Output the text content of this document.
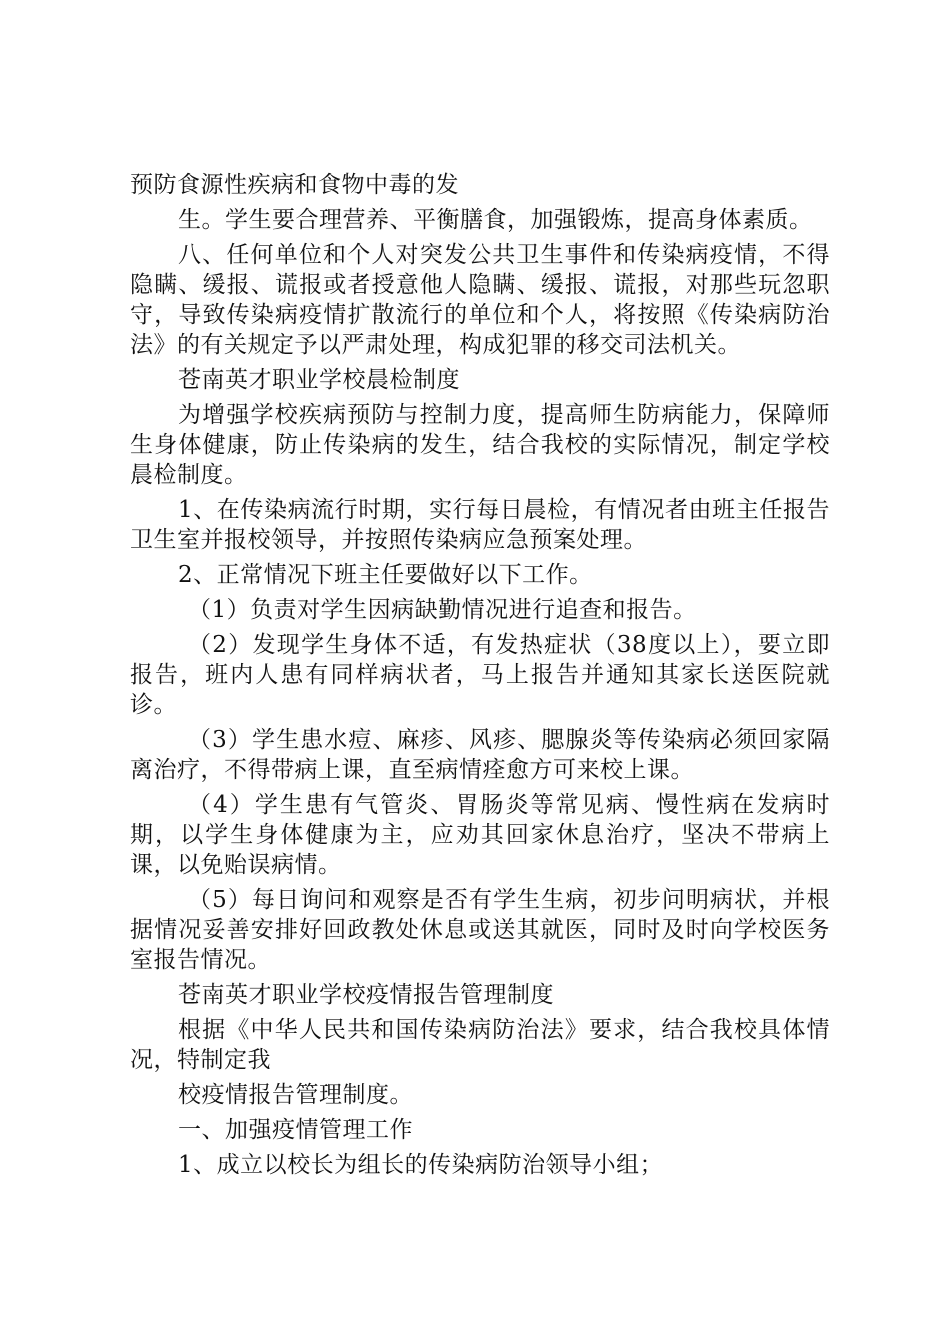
预防食源性疾病和食物中毒的发

生。学生要合理营养、平衡膳食，加强锻炼，提高身体素质。

八、任何单位和个人对突发公共卫生事件和传染病疫情，不得隐瞒、缓报、谎报或者授意他人隐瞒、缓报、谎报，对那些玩忽职守，导致传染病疫情扩散流行的单位和个人，将按照《传染病防治法》的有关规定予以严肃处理，构成犯罪的移交司法机关。

苍南英才职业学校晨检制度

为增强学校疾病预防与控制力度，提高师生防病能力，保障师生身体健康，防止传染病的发生，结合我校的实际情况，制定学校晨检制度。

1、在传染病流行时期，实行每日晨检，有情况者由班主任报告卫生室并报校领导，并按照传染病应急预案处理。

2、正常情况下班主任要做好以下工作。

（1）负责对学生因病缺勤情况进行追查和报告。

（2）发现学生身体不适，有发热症状（38度以上），要立即报告，班内人患有同样病状者，马上报告并通知其家长送医院就诊。

（3）学生患水痘、麻疹、风疹、腮腺炎等传染病必须回家隔离治疗，不得带病上课，直至病情痊愈方可来校上课。

（4）学生患有气管炎、胃肠炎等常见病、慢性病在发病时期，以学生身体健康为主，应劝其回家休息治疗，坚决不带病上课，以免贻误病情。

（5）每日询问和观察是否有学生生病，初步问明病状，并根据情况妥善安排好回政教处休息或送其就医，同时及时向学校医务室报告情况。

苍南英才职业学校疫情报告管理制度

根据《中华人民共和国传染病防治法》要求，结合我校具体情况，特制定我

校疫情报告管理制度。

一、加强疫情管理工作

1、成立以校长为组长的传染病防治领导小组；
